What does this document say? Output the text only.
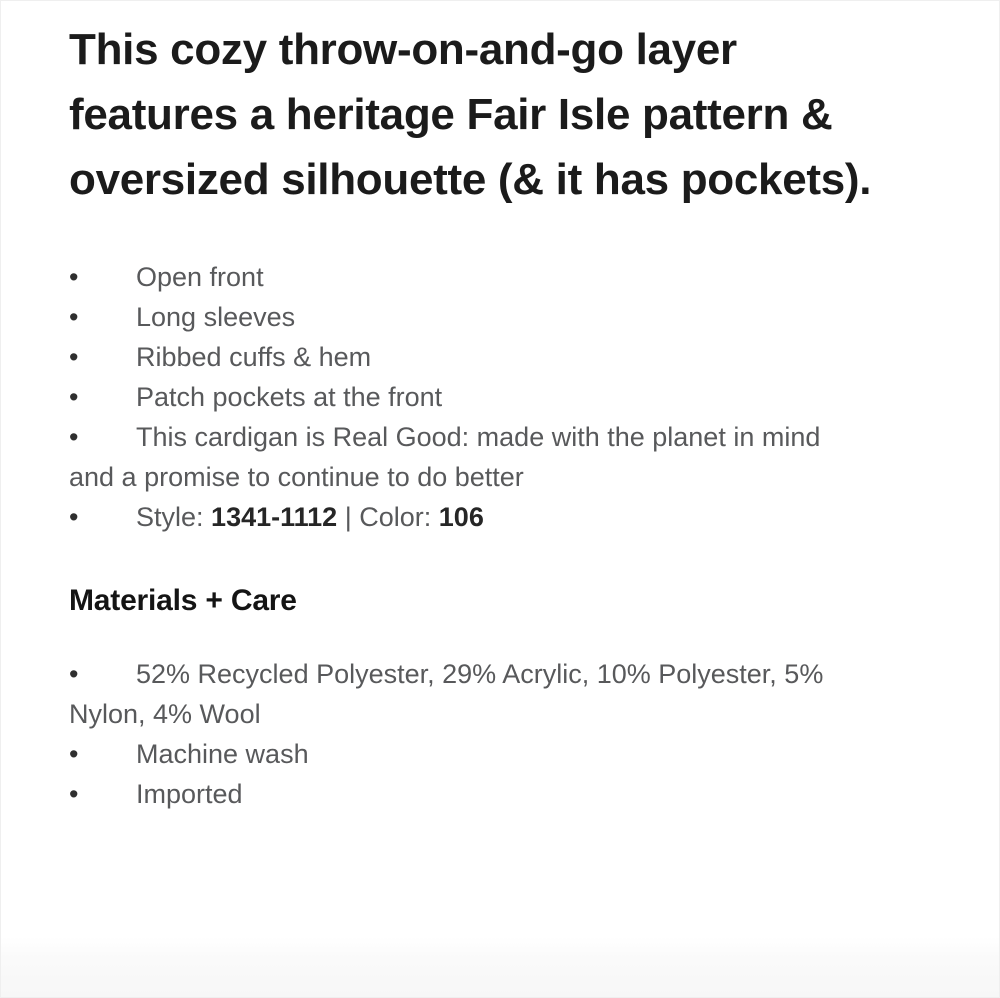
This cozy throw-on-and-go layer
features a heritage Fair Isle pattern &
oversized silhouette (& it has pockets).
• Open front
• Long sleeves
• Ribbed cuffs & hem
• Patch pockets at the front
• This cardigan is Real Good: made with the planet in mind and a promise to continue to do better
• Style: 1341-1112 | Color: 106
Materials + Care
• 52% Recycled Polyester, 29% Acrylic, 10% Polyester, 5% Nylon, 4% Wool
• Machine wash
• Imported
